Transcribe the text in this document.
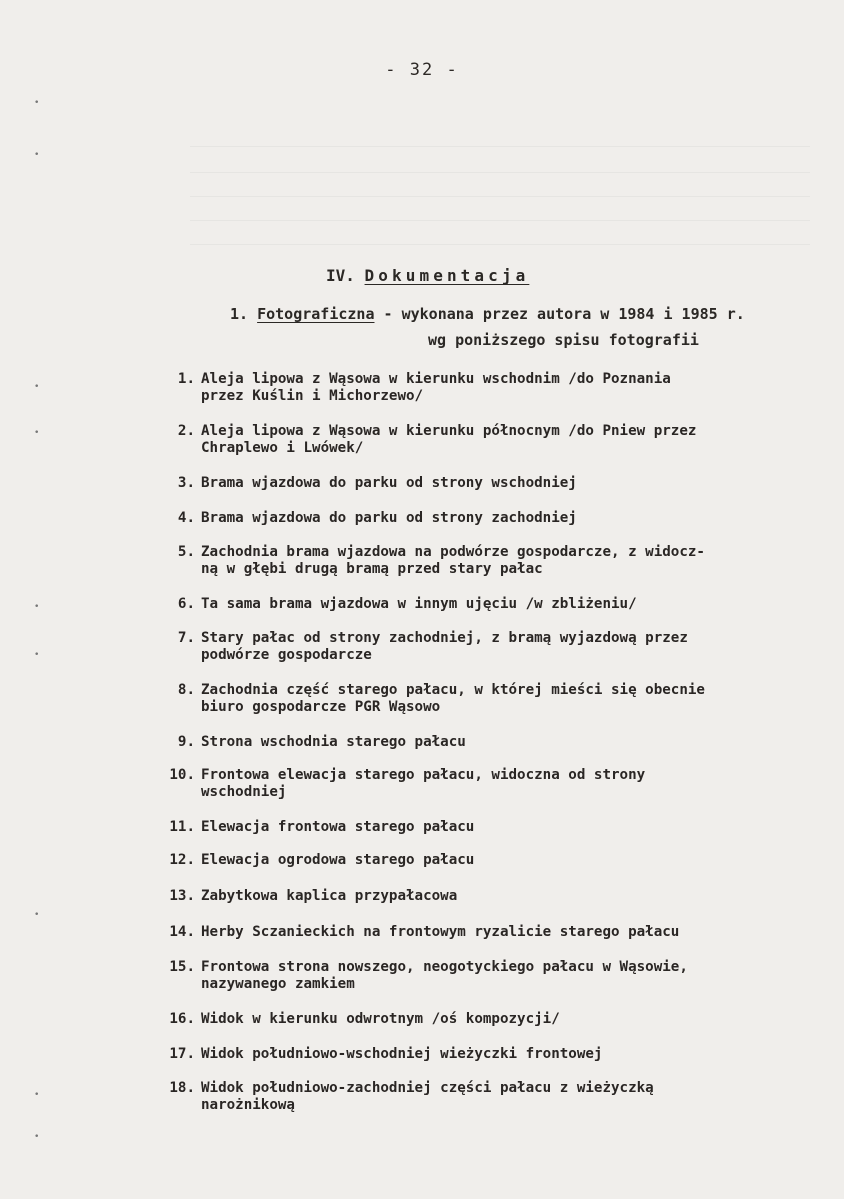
- 32 -
•
•
•
•
•
•
•
•
•
IV. Dokumentacja
1. Fotograficzna - wykonana przez autora w 1984 i 1985 r.
wg poniższego spisu fotografii
1. Aleja lipowa z Wąsowa w kierunku wschodnim /do Poznania
przez Kuślin i Michorzewo/
2. Aleja lipowa z Wąsowa w kierunku północnym /do Pniew przez
Chraplewo i Lwówek/
3. Brama wjazdowa do parku od strony wschodniej
4. Brama wjazdowa do parku od strony zachodniej
5. Zachodnia brama wjazdowa na podwórze gospodarcze, z widocz-
ną w głębi drugą bramą przed stary pałac
6. Ta sama brama wjazdowa w innym ujęciu /w zbliżeniu/
7. Stary pałac od strony zachodniej, z bramą wyjazdową przez
podwórze gospodarcze
8. Zachodnia część starego pałacu, w której mieści się obecnie
biuro gospodarcze PGR Wąsowo
9. Strona wschodnia starego pałacu
10. Frontowa elewacja starego pałacu, widoczna od strony
wschodniej
11. Elewacja frontowa starego pałacu
12. Elewacja ogrodowa starego pałacu
13. Zabytkowa kaplica przypałacowa
14. Herby Sczanieckich na frontowym ryzalicie starego pałacu
15. Frontowa strona nowszego, neogotyckiego pałacu w Wąsowie,
nazywanego zamkiem
16. Widok w kierunku odwrotnym /oś kompozycji/
17. Widok południowo-wschodniej wieżyczki frontowej
18. Widok południowo-zachodniej części pałacu z wieżyczką
narożnikową
